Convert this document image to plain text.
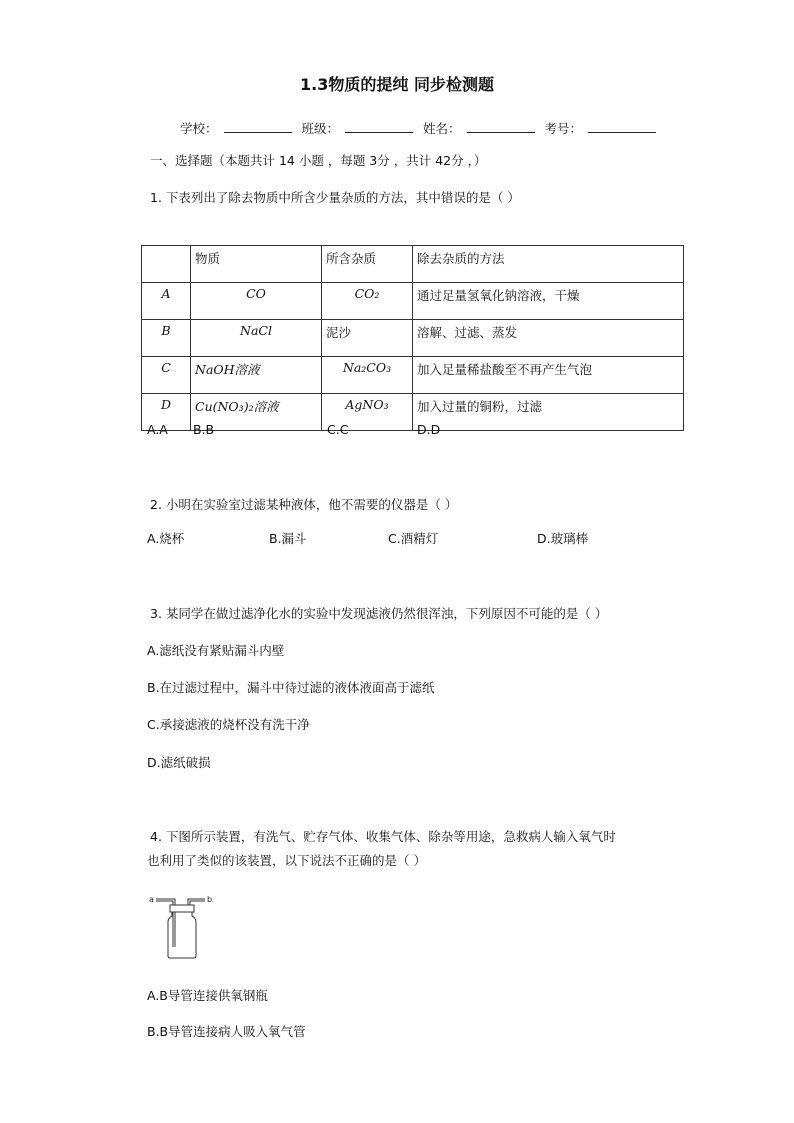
1.3物质的提纯 同步检测题
学校：	班级：	姓名：	考号：
一、选择题（本题共计 14 小题 ，每题 3分 ，共计 42分 ，）
1. 下表列出了除去物质中所含少量杂质的方法，其中错误的是（ ）
	物质	所含杂质	除去杂质的方法
A	CO	CO₂	通过足量氢氧化钠溶液，干燥
B	NaCl	泥沙	溶解、过滤、蒸发
C	NaOH溶液	Na₂CO₃	加入足量稀盐酸至不再产生气泡
D	Cu(NO₃)₂溶液	AgNO₃	加入过量的铜粉，过滤
A.A B.B	C.C	D.D
2. 小明在实验室过滤某种液体，他不需要的仪器是（ ）
A.烧杯	B.漏斗	C.酒精灯	D.玻璃棒
3. 某同学在做过滤净化水的实验中发现滤液仍然很浑浊，下列原因不可能的是（ ）
A.滤纸没有紧贴漏斗内壁
B.在过滤过程中，漏斗中待过滤的液体液面高于滤纸
C.承接滤液的烧杯没有洗干净
D.滤纸破损
4. 下图所示装置，有洗气、贮存气体、收集气体、除杂等用途，急救病人输入氧气时
也利用了类似的该装置，以下说法不正确的是（ ）
a	b
A.B导管连接供氧钢瓶
B.B导管连接病人吸入氧气管
